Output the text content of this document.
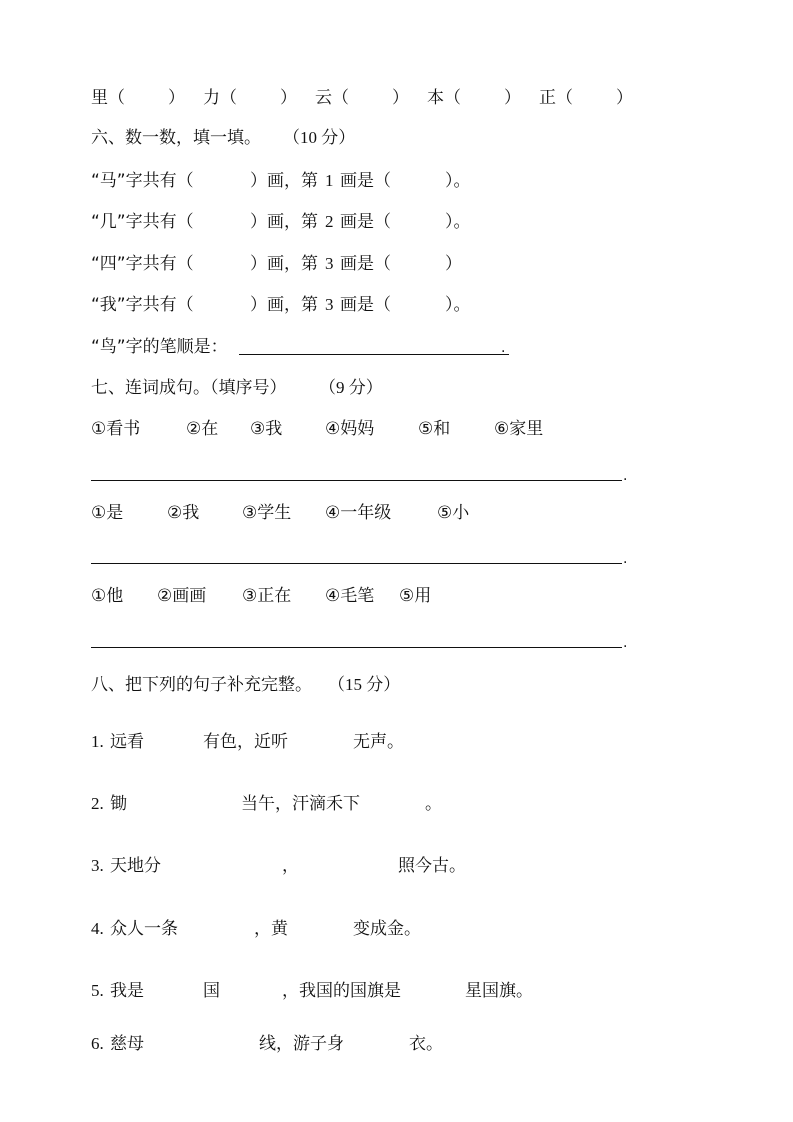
里（	） 力（	） 云（	） 本（	） 正（	）
六、数一数，填一填。 （10 分）
“马”字共有（	）画，第 1 画是（	）。
“几”字共有（	）画，第 2 画是（	）。
“四”字共有（	）画，第 3 画是（	）
“我”字共有（	）画，第 3 画是（	）。
“鸟”字的笔顺是：	.
七、连词成句。（填序号） （9 分）
①看书	②在 ③我	④妈妈	⑤和	⑥家里
.
①是	②我	③学生 ④一年级	⑤小
.
①他 ②画画 ③正在 ④毛笔 ⑤用
.
八、把下列的句子补充完整。 （15 分）
1. 远看	有色，近听	无声。
2. 锄	当午，汗滴禾下	。
3. 天地分	，	照今古。
4. 众人一条	，黄	变成金。
5. 我是	国	，我国的国旗是	星国旗。
6. 慈母	线，游子身	衣。
